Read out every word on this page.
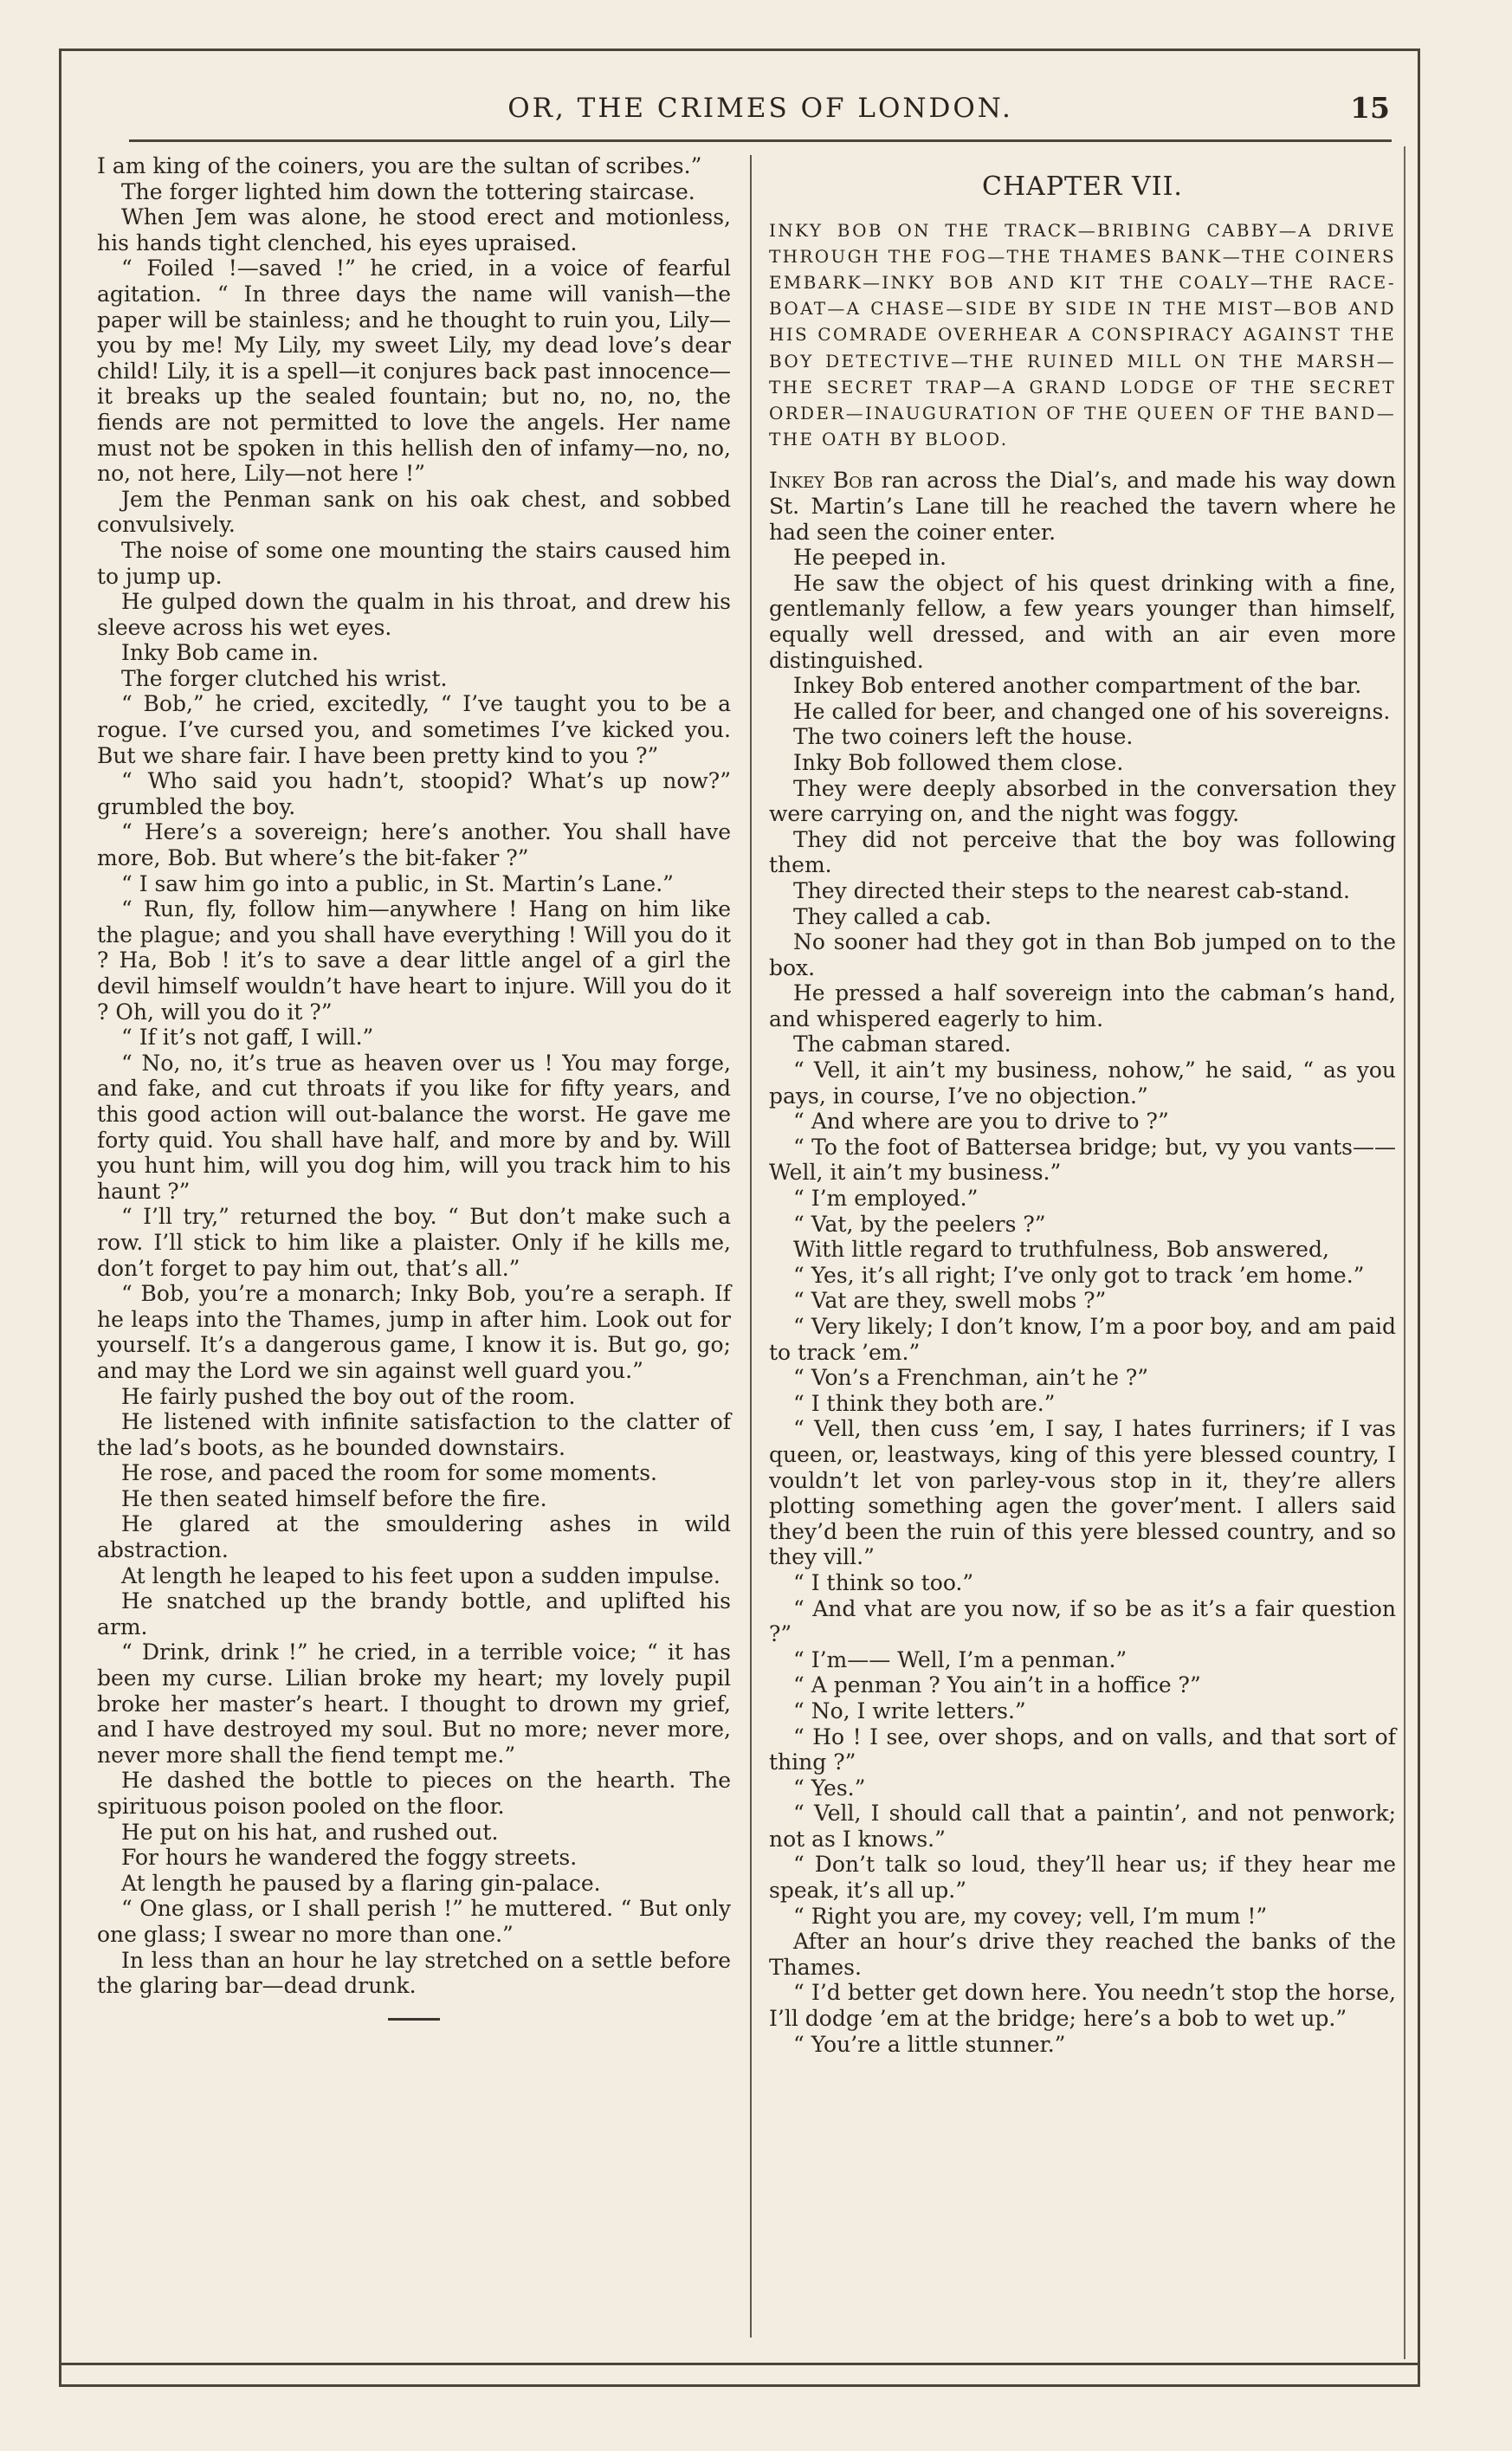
OR, THE CRIMES OF LONDON.	15

I am king of the coiners, you are the sultan of scribes.”

The forger lighted him down the tottering staircase.

When Jem was alone, he stood erect and motionless, his hands tight clenched, his eyes upraised.

“ Foiled !—saved !” he cried, in a voice of fearful agitation. “ In three days the name will vanish—the paper will be stainless; and he thought to ruin you, Lily—you by me! My Lily, my sweet Lily, my dead love’s dear child! Lily, it is a spell—it conjures back past innocence—it breaks up the sealed fountain; but no, no, no, the fiends are not permitted to love the angels. Her name must not be spoken in this hellish den of infamy—no, no, no, not here, Lily—not here !”

Jem the Penman sank on his oak chest, and sobbed convulsively.

The noise of some one mounting the stairs caused him to jump up.

He gulped down the qualm in his throat, and drew his sleeve across his wet eyes.

Inky Bob came in.

The forger clutched his wrist.

“ Bob,” he cried, excitedly, “ I’ve taught you to be a rogue. I’ve cursed you, and sometimes I’ve kicked you. But we share fair. I have been pretty kind to you ?”

“ Who said you hadn’t, stoopid? What’s up now?” grumbled the boy.

“ Here’s a sovereign; here’s another. You shall have more, Bob. But where’s the bit-faker ?”

“ I saw him go into a public, in St. Martin’s Lane.”

“ Run, fly, follow him—anywhere ! Hang on him like the plague; and you shall have everything ! Will you do it ? Ha, Bob ! it’s to save a dear little angel of a girl the devil himself wouldn’t have heart to injure. Will you do it ? Oh, will you do it ?”

“ If it’s not gaff, I will.”

“ No, no, it’s true as heaven over us ! You may forge, and fake, and cut throats if you like for fifty years, and this good action will out-balance the worst. He gave me forty quid. You shall have half, and more by and by. Will you hunt him, will you dog him, will you track him to his haunt ?”

“ I’ll try,” returned the boy. “ But don’t make such a row. I’ll stick to him like a plaister. Only if he kills me, don’t forget to pay him out, that’s all.”

“ Bob, you’re a monarch; Inky Bob, you’re a seraph. If he leaps into the Thames, jump in after him. Look out for yourself. It’s a dangerous game, I know it is. But go, go; and may the Lord we sin against well guard you.”

He fairly pushed the boy out of the room.

He listened with infinite satisfaction to the clatter of the lad’s boots, as he bounded downstairs.

He rose, and paced the room for some moments.

He then seated himself before the fire.

He glared at the smouldering ashes in wild abstraction.

At length he leaped to his feet upon a sudden impulse.

He snatched up the brandy bottle, and uplifted his arm.

“ Drink, drink !” he cried, in a terrible voice; “ it has been my curse. Lilian broke my heart; my lovely pupil broke her master’s heart. I thought to drown my grief, and I have destroyed my soul. But no more; never more, never more shall the fiend tempt me.”

He dashed the bottle to pieces on the hearth. The spirituous poison pooled on the floor.

He put on his hat, and rushed out.

For hours he wandered the foggy streets.

At length he paused by a flaring gin-palace.

“ One glass, or I shall perish !” he muttered. “ But only one glass; I swear no more than one.”

In less than an hour he lay stretched on a settle before the glaring bar—dead drunk.

CHAPTER VII.
INKY BOB ON THE TRACK—BRIBING CABBY—A DRIVE THROUGH THE FOG—THE THAMES BANK—THE COINERS EMBARK—INKY BOB AND KIT THE COALY—THE RACE-BOAT—A CHASE—SIDE BY SIDE IN THE MIST—BOB AND HIS COMRADE OVERHEAR A CONSPIRACY AGAINST THE BOY DETECTIVE—THE RUINED MILL ON THE MARSH—THE SECRET TRAP—A GRAND LODGE OF THE SECRET ORDER—INAUGURATION OF THE QUEEN OF THE BAND—THE OATH BY BLOOD.

Inkey Bob ran across the Dial’s, and made his way down St. Martin’s Lane till he reached the tavern where he had seen the coiner enter.

He peeped in.

He saw the object of his quest drinking with a fine, gentlemanly fellow, a few years younger than himself, equally well dressed, and with an air even more distinguished.

Inkey Bob entered another compartment of the bar.

He called for beer, and changed one of his sovereigns.

The two coiners left the house.

Inky Bob followed them close.

They were deeply absorbed in the conversation they were carrying on, and the night was foggy.

They did not perceive that the boy was following them.

They directed their steps to the nearest cab-stand.

They called a cab.

No sooner had they got in than Bob jumped on to the box.

He pressed a half sovereign into the cabman’s hand, and whispered eagerly to him.

The cabman stared.

“ Vell, it ain’t my business, nohow,” he said, “ as you pays, in course, I’ve no objection.”

“ And where are you to drive to ?”

“ To the foot of Battersea bridge; but, vy you vants—— Well, it ain’t my business.”

“ I’m employed.”

“ Vat, by the peelers ?”

With little regard to truthfulness, Bob answered,

“ Yes, it’s all right; I’ve only got to track ’em home.”

“ Vat are they, swell mobs ?”

“ Very likely; I don’t know, I’m a poor boy, and am paid to track ’em.”

“ Von’s a Frenchman, ain’t he ?”

“ I think they both are.”

“ Vell, then cuss ’em, I say, I hates furriners; if I vas queen, or, leastways, king of this yere blessed country, I vouldn’t let von parley-vous stop in it, they’re allers plotting something agen the gover’ment. I allers said they’d been the ruin of this yere blessed country, and so they vill.”

“ I think so too.”

“ And vhat are you now, if so be as it’s a fair question ?”

“ I’m—— Well, I’m a penman.”

“ A penman ? You ain’t in a hoffice ?”

“ No, I write letters.”

“ Ho ! I see, over shops, and on valls, and that sort of thing ?”

“ Yes.”

“ Vell, I should call that a paintin’, and not penwork; not as I knows.”

“ Don’t talk so loud, they’ll hear us; if they hear me speak, it’s all up.”

“ Right you are, my covey; vell, I’m mum !”

After an hour’s drive they reached the banks of the Thames.

“ I’d better get down here. You needn’t stop the horse, I’ll dodge ’em at the bridge; here’s a bob to wet up.”

“ You’re a little stunner.”
